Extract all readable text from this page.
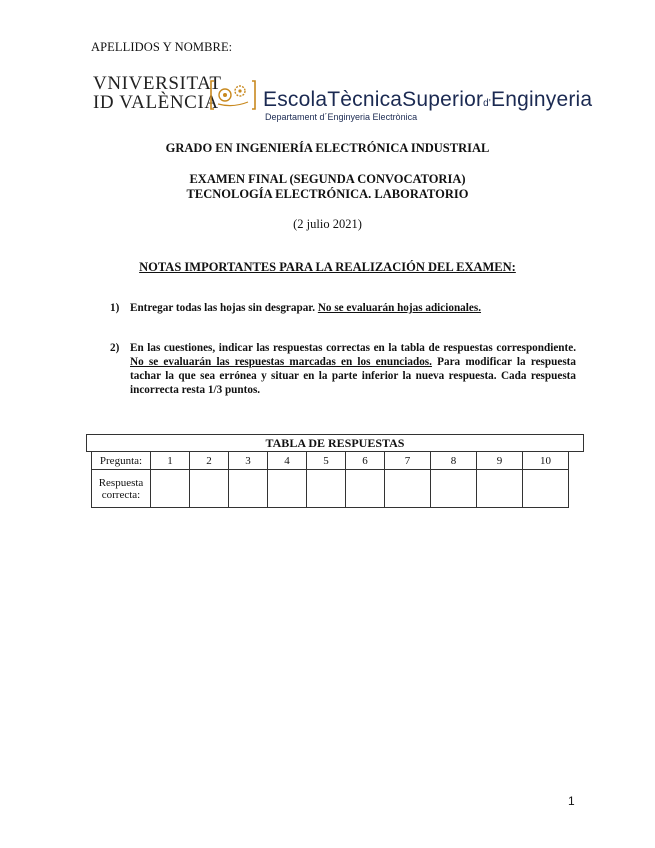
APELLIDOS Y NOMBRE:
VNIVERSITAT
ID VALÈNCIA EscolaTècnicaSuperiord'Enginyeria
Departament d´Enginyeria Electrònica
GRADO EN INGENIERÍA ELECTRÓNICA INDUSTRIAL
EXAMEN FINAL (SEGUNDA CONVOCATORIA)
TECNOLOGÍA ELECTRÓNICA. LABORATORIO
(2 julio 2021)
NOTAS IMPORTANTES PARA LA REALIZACIÓN DEL EXAMEN:
1) Entregar todas las hojas sin desgrapar. No se evaluarán hojas adicionales.
2) En las cuestiones, indicar las respuestas correctas en la tabla de respuestas correspondiente. No se evaluarán las respuestas marcadas en los enunciados. Para modificar la respuesta tachar la que sea errónea y situar en la parte inferior la nueva respuesta. Cada respuesta incorrecta resta 1/3 puntos.
TABLA DE RESPUESTAS
Pregunta:	1	2	3	4	5	6	7	8	9	10
Respuesta
correcta:										
1
